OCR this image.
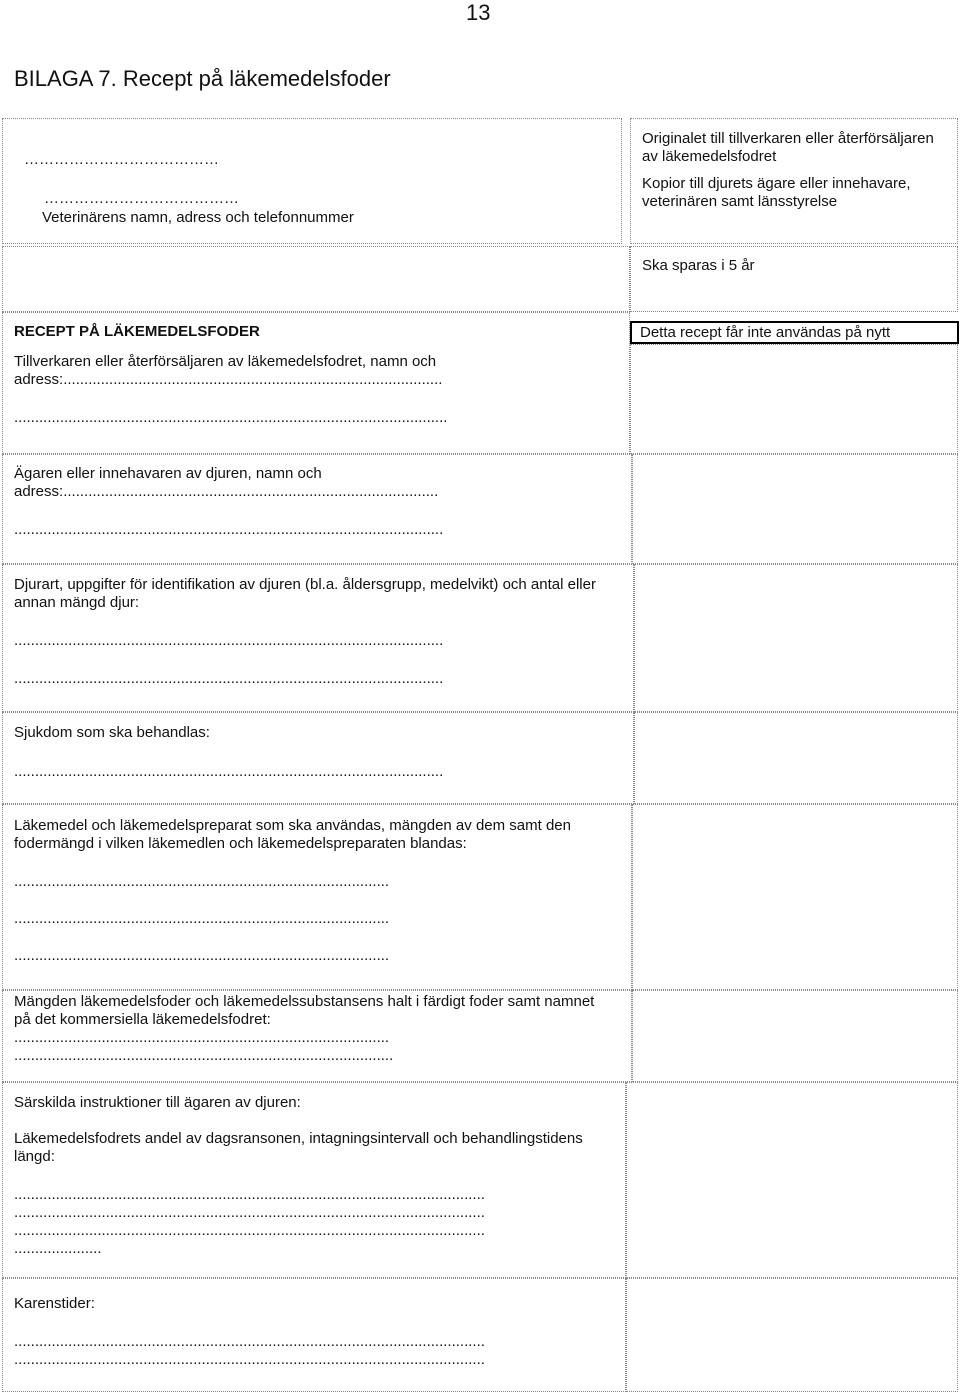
13
BILAGA 7. Recept på läkemedelsfoder
…………………………………
…………………………………
Veterinärens namn, adress och telefonnummer
Originalet till tillverkaren eller återförsäljaren
av läkemedelsfodret
Kopior till djurets ägare eller innehavare,
veterinären samt länsstyrelse
Ska sparas i 5 år
RECEPT PÅ LÄKEMEDELSFODER	Detta recept får inte användas på nytt
Tillverkaren eller återförsäljaren av läkemedelsfodret, namn och
adress:...........................................................................................
........................................................................................................
Ägaren eller innehavaren av djuren, namn och
adress:..........................................................................................
.......................................................................................................
Djurart, uppgifter för identifikation av djuren (bl.a. åldersgrupp, medelvikt) och antal eller
annan mängd djur:
.......................................................................................................
.......................................................................................................
Sjukdom som ska behandlas:
.......................................................................................................
Läkemedel och läkemedelspreparat som ska användas, mängden av dem samt den
fodermängd i vilken läkemedlen och läkemedelspreparaten blandas:
..........................................................................................
..........................................................................................
..........................................................................................
Mängden läkemedelsfoder och läkemedelssubstansens halt i färdigt foder samt namnet
på det kommersiella läkemedelsfodret:
..........................................................................................
...........................................................................................
Särskilda instruktioner till ägaren av djuren:
Läkemedelsfodrets andel av dagsransonen, intagningsintervall och behandlingstidens
längd:
.................................................................................................................
.................................................................................................................
.................................................................................................................
.....................
Karenstider:
.................................................................................................................
.................................................................................................................
